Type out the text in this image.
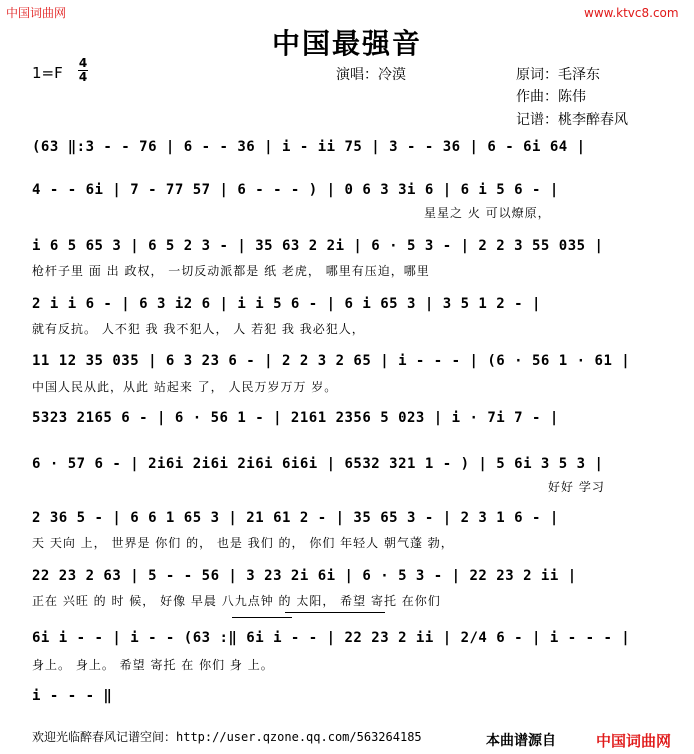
中国词曲网	www.ktvc8.com
中国最强音
1=F
4
4	演唱：冷漠	原词：毛泽东
作曲：陈伟
记谱：桃李醉春风
(63 ‖:3 - - 76 | 6 - - 36 | i - ii 75 | 3 - - 36 | 6 - 6i 64 |
4 - - 6i | 7 - 77 57 | 6 - - - ) | 0 6 3 3i 6 | 6 i 5 6 - |
星星之 火 可以燎原，
i 6 5 65 3 | 6 5 2 3 - | 35 63 2 2i | 6 · 5 3 - | 2 2 3 55 035 |
枪杆子里 面 出 政权， 一切反动派都是 纸 老虎， 哪里有压迫，哪里
2 i i 6 - | 6 3 i2 6 | i i 5 6 - | 6 i 65 3 | 3 5 1 2 - |
就有反抗。 人不犯 我 我不犯人， 人 若犯 我 我必犯人，
11 12 35 035 | 6 3 23 6 - | 2 2 3 2 65 | i - - - | (6 · 56 1 · 61 |
中国人民从此，从此 站起来 了， 人民万岁万万 岁。
5323 2165 6 - | 6 · 56 1 - | 2161 2356 5 023 | i · 7i 7 - |
6 · 57 6 - | 2i6i 2i6i 2i6i 6i6i | 6532 321 1 - ) | 5 6i 3 5 3 |
好好 学习
2 36 5 - | 6 6 1 65 3 | 21 61 2 - | 35 65 3 - | 2 3 1 6 - |
天 天向 上， 世界是 你们 的， 也是 我们 的， 你们 年轻人 朝气蓬 勃，
22 23 2 63 | 5 - - 56 | 3 23 2i 6i | 6 · 5 3 - | 22 23 2 ii |
正在 兴旺 的 时 候， 好像 早晨 八九点钟 的 太阳， 希望 寄托 在你们
6i i - - | i - - (63 :‖ 6i i - - | 22 23 2 ii | 2/4 6 - | i - - - |
身上。 身上。 希望 寄托 在 你们 身 上。
i - - - ‖
欢迎光临醉春风记谱空间：http://user.qzone.qq.com/563264185	本曲谱源自	中国词曲网
